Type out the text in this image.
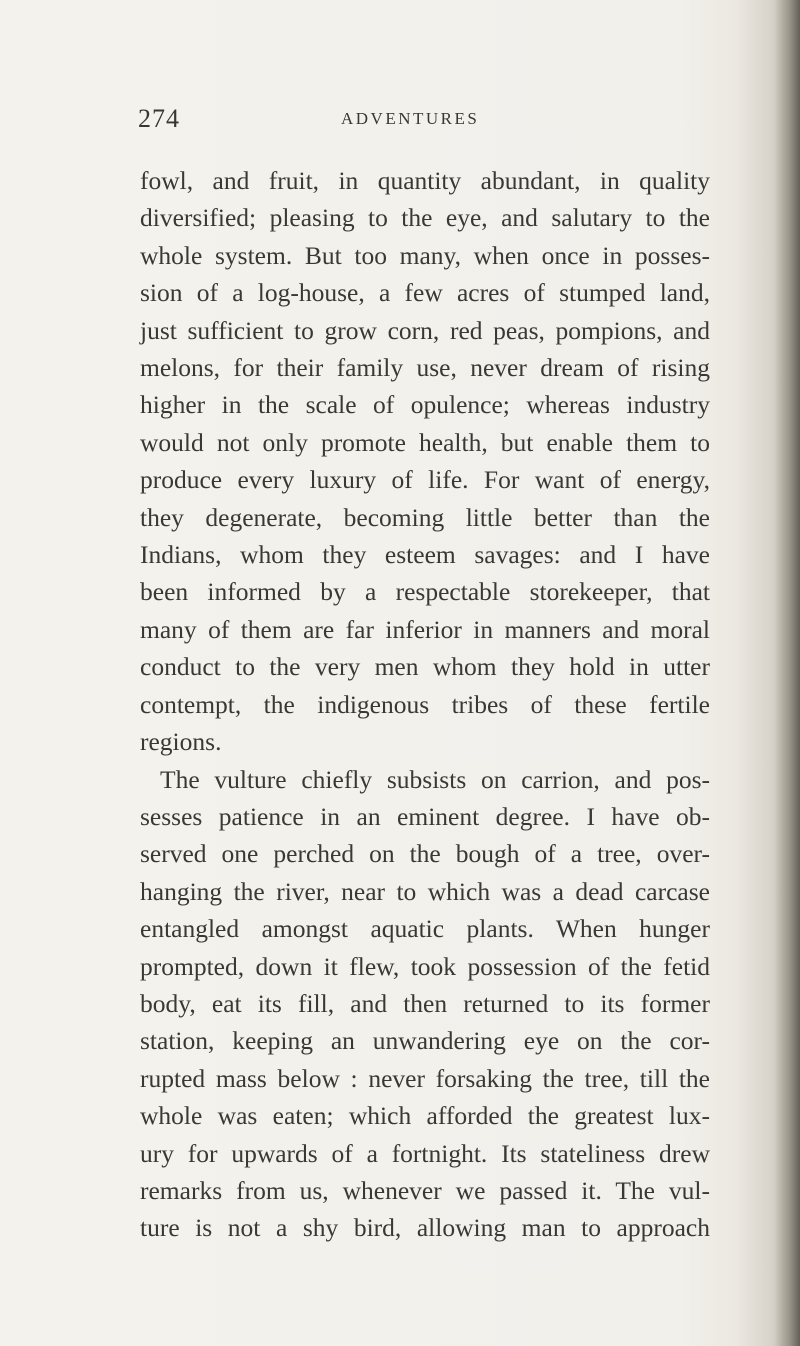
274	ADVENTURES
fowl, and fruit, in quantity abundant, in quality
diversified; pleasing to the eye, and salutary to the
whole system. But too many, when once in posses-
sion of a log-house, a few acres of stumped land,
just sufficient to grow corn, red peas, pompions, and
melons, for their family use, never dream of rising
higher in the scale of opulence; whereas industry
would not only promote health, but enable them to
produce every luxury of life. For want of energy,
they degenerate, becoming little better than the
Indians, whom they esteem savages: and I have
been informed by a respectable storekeeper, that
many of them are far inferior in manners and moral
conduct to the very men whom they hold in utter
contempt, the indigenous tribes of these fertile
regions.
The vulture chiefly subsists on carrion, and pos-
sesses patience in an eminent degree. I have ob-
served one perched on the bough of a tree, over-
hanging the river, near to which was a dead carcase
entangled amongst aquatic plants. When hunger
prompted, down it flew, took possession of the fetid
body, eat its fill, and then returned to its former
station, keeping an unwandering eye on the cor-
rupted mass below : never forsaking the tree, till the
whole was eaten; which afforded the greatest lux-
ury for upwards of a fortnight. Its stateliness drew
remarks from us, whenever we passed it. The vul-
ture is not a shy bird, allowing man to approach
